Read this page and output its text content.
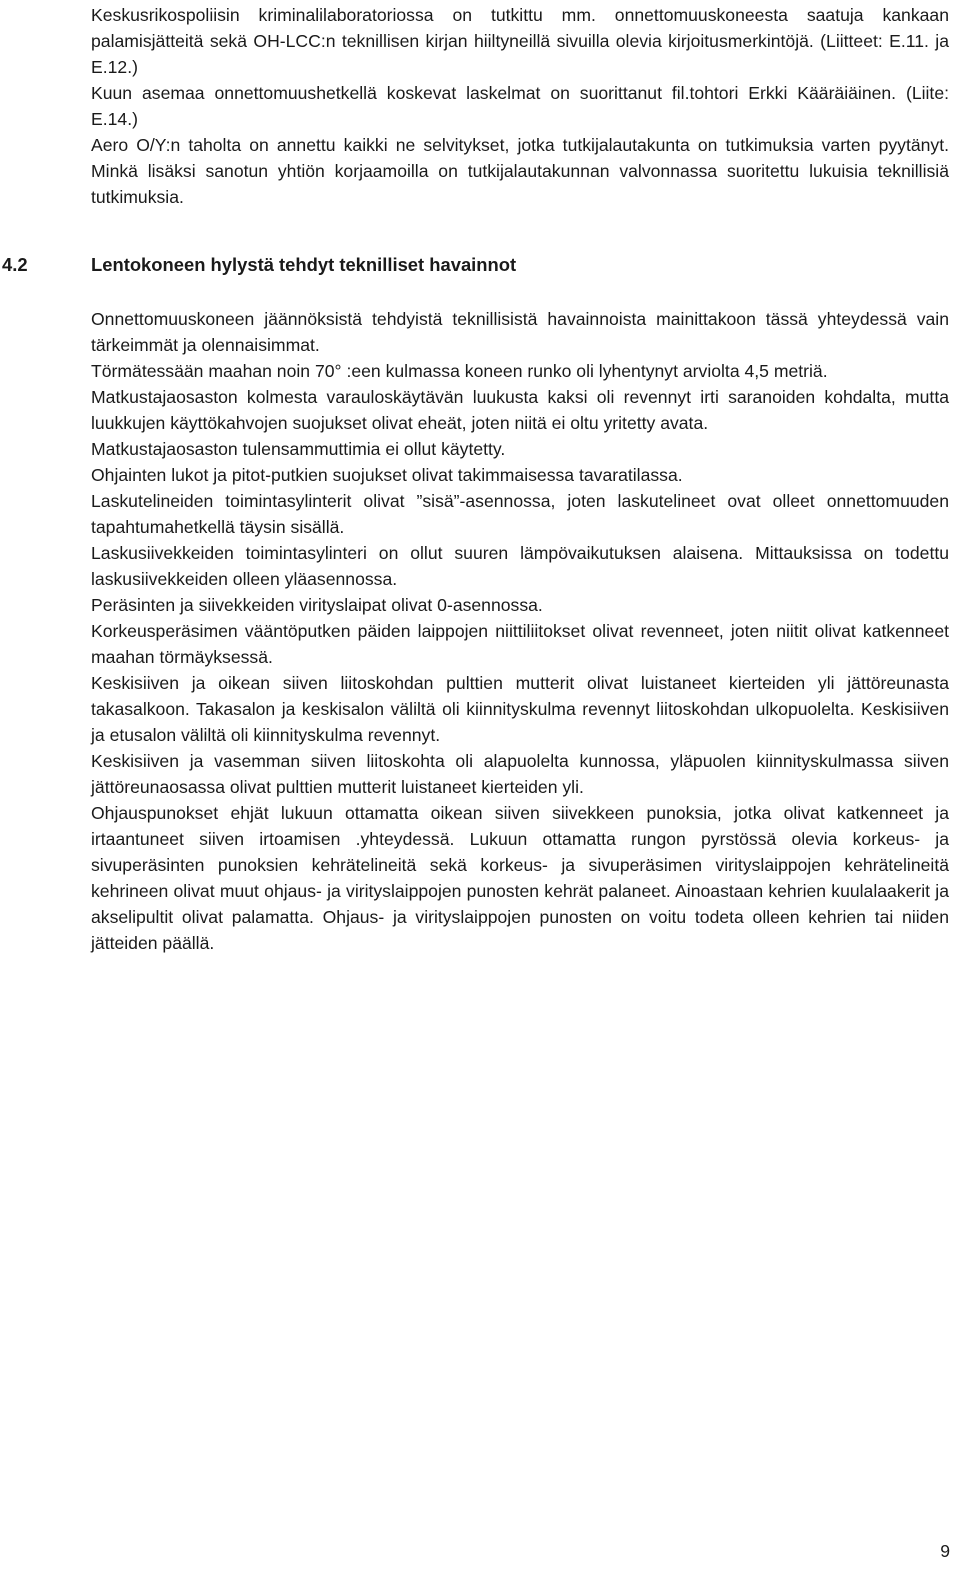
Keskusrikospoliisin kriminalilaboratoriossa on tutkittu mm. onnettomuuskoneesta saatuja kankaan palamisjätteitä sekä OH-LCC:n teknillisen kirjan hiiltyneillä sivuilla olevia kirjoitusmerkintöjä. (Liitteet: E.11. ja E.12.)

Kuun asemaa onnettomuushetkellä koskevat laskelmat on suorittanut fil.tohtori Erkki Kääräiäinen. (Liite: E.14.)

Aero O/Y:n taholta on annettu kaikki ne selvitykset, jotka tutkijalautakunta on tutkimuksia varten pyytänyt. Minkä lisäksi sanotun yhtiön korjaamoilla on tutkijalautakunnan valvonnassa suoritettu lukuisia teknillisiä tutkimuksia.

4.2	Lentokoneen hylystä tehdyt teknilliset havainnot

Onnettomuuskoneen jäännöksistä tehdyistä teknillisistä havainnoista mainittakoon tässä yhteydessä vain tärkeimmät ja olennaisimmat.

Törmätessään maahan noin 70° :een kulmassa koneen runko oli lyhentynyt arviolta 4,5 metriä.

Matkustajaosaston kolmesta varauloskäytävän luukusta kaksi oli revennyt irti saranoiden kohdalta, mutta luukkujen käyttökahvojen suojukset olivat eheät, joten niitä ei oltu yritetty avata.

Matkustajaosaston tulensammuttimia ei ollut käytetty.

Ohjainten lukot ja pitot-putkien suojukset olivat takimmaisessa tavaratilassa.

Laskutelineiden toimintasylinterit olivat ”sisä”-asennossa, joten laskutelineet ovat olleet onnettomuuden tapahtumahetkellä täysin sisällä.

Laskusiivekkeiden toimintasylinteri on ollut suuren lämpövaikutuksen alaisena. Mittauksissa on todettu laskusiivekkeiden olleen yläasennossa.

Peräsinten ja siivekkeiden virityslaipat olivat 0-asennossa.

Korkeusperäsimen vääntöputken päiden laippojen niittiliitokset olivat revenneet, joten niitit olivat katkenneet maahan törmäyksessä.

Keskisiiven ja oikean siiven liitoskohdan pulttien mutterit olivat luistaneet kierteiden yli jättöreunasta takasalkoon. Takasalon ja keskisalon väliltä oli kiinnityskulma revennyt liitoskohdan ulkopuolelta. Keskisiiven ja etusalon väliltä oli kiinnityskulma revennyt.

Keskisiiven ja vasemman siiven liitoskohta oli alapuolelta kunnossa, yläpuolen kiinnityskulmassa siiven jättöreunaosassa olivat pulttien mutterit luistaneet kierteiden yli.

Ohjauspunokset ehjät lukuun ottamatta oikean siiven siivekkeen punoksia, jotka olivat katkenneet ja irtaantuneet siiven irtoamisen .yhteydessä. Lukuun ottamatta rungon pyrstössä olevia korkeus- ja sivuperäsinten punoksien kehrätelineitä sekä korkeus- ja sivuperäsimen virityslaippojen kehrätelineitä kehrineen olivat muut ohjaus- ja virityslaippojen punosten kehrät palaneet. Ainoastaan kehrien kuulalaakerit ja akselipultit olivat palamatta. Ohjaus- ja virityslaippojen punosten on voitu todeta olleen kehrien tai niiden jätteiden päällä.

9
